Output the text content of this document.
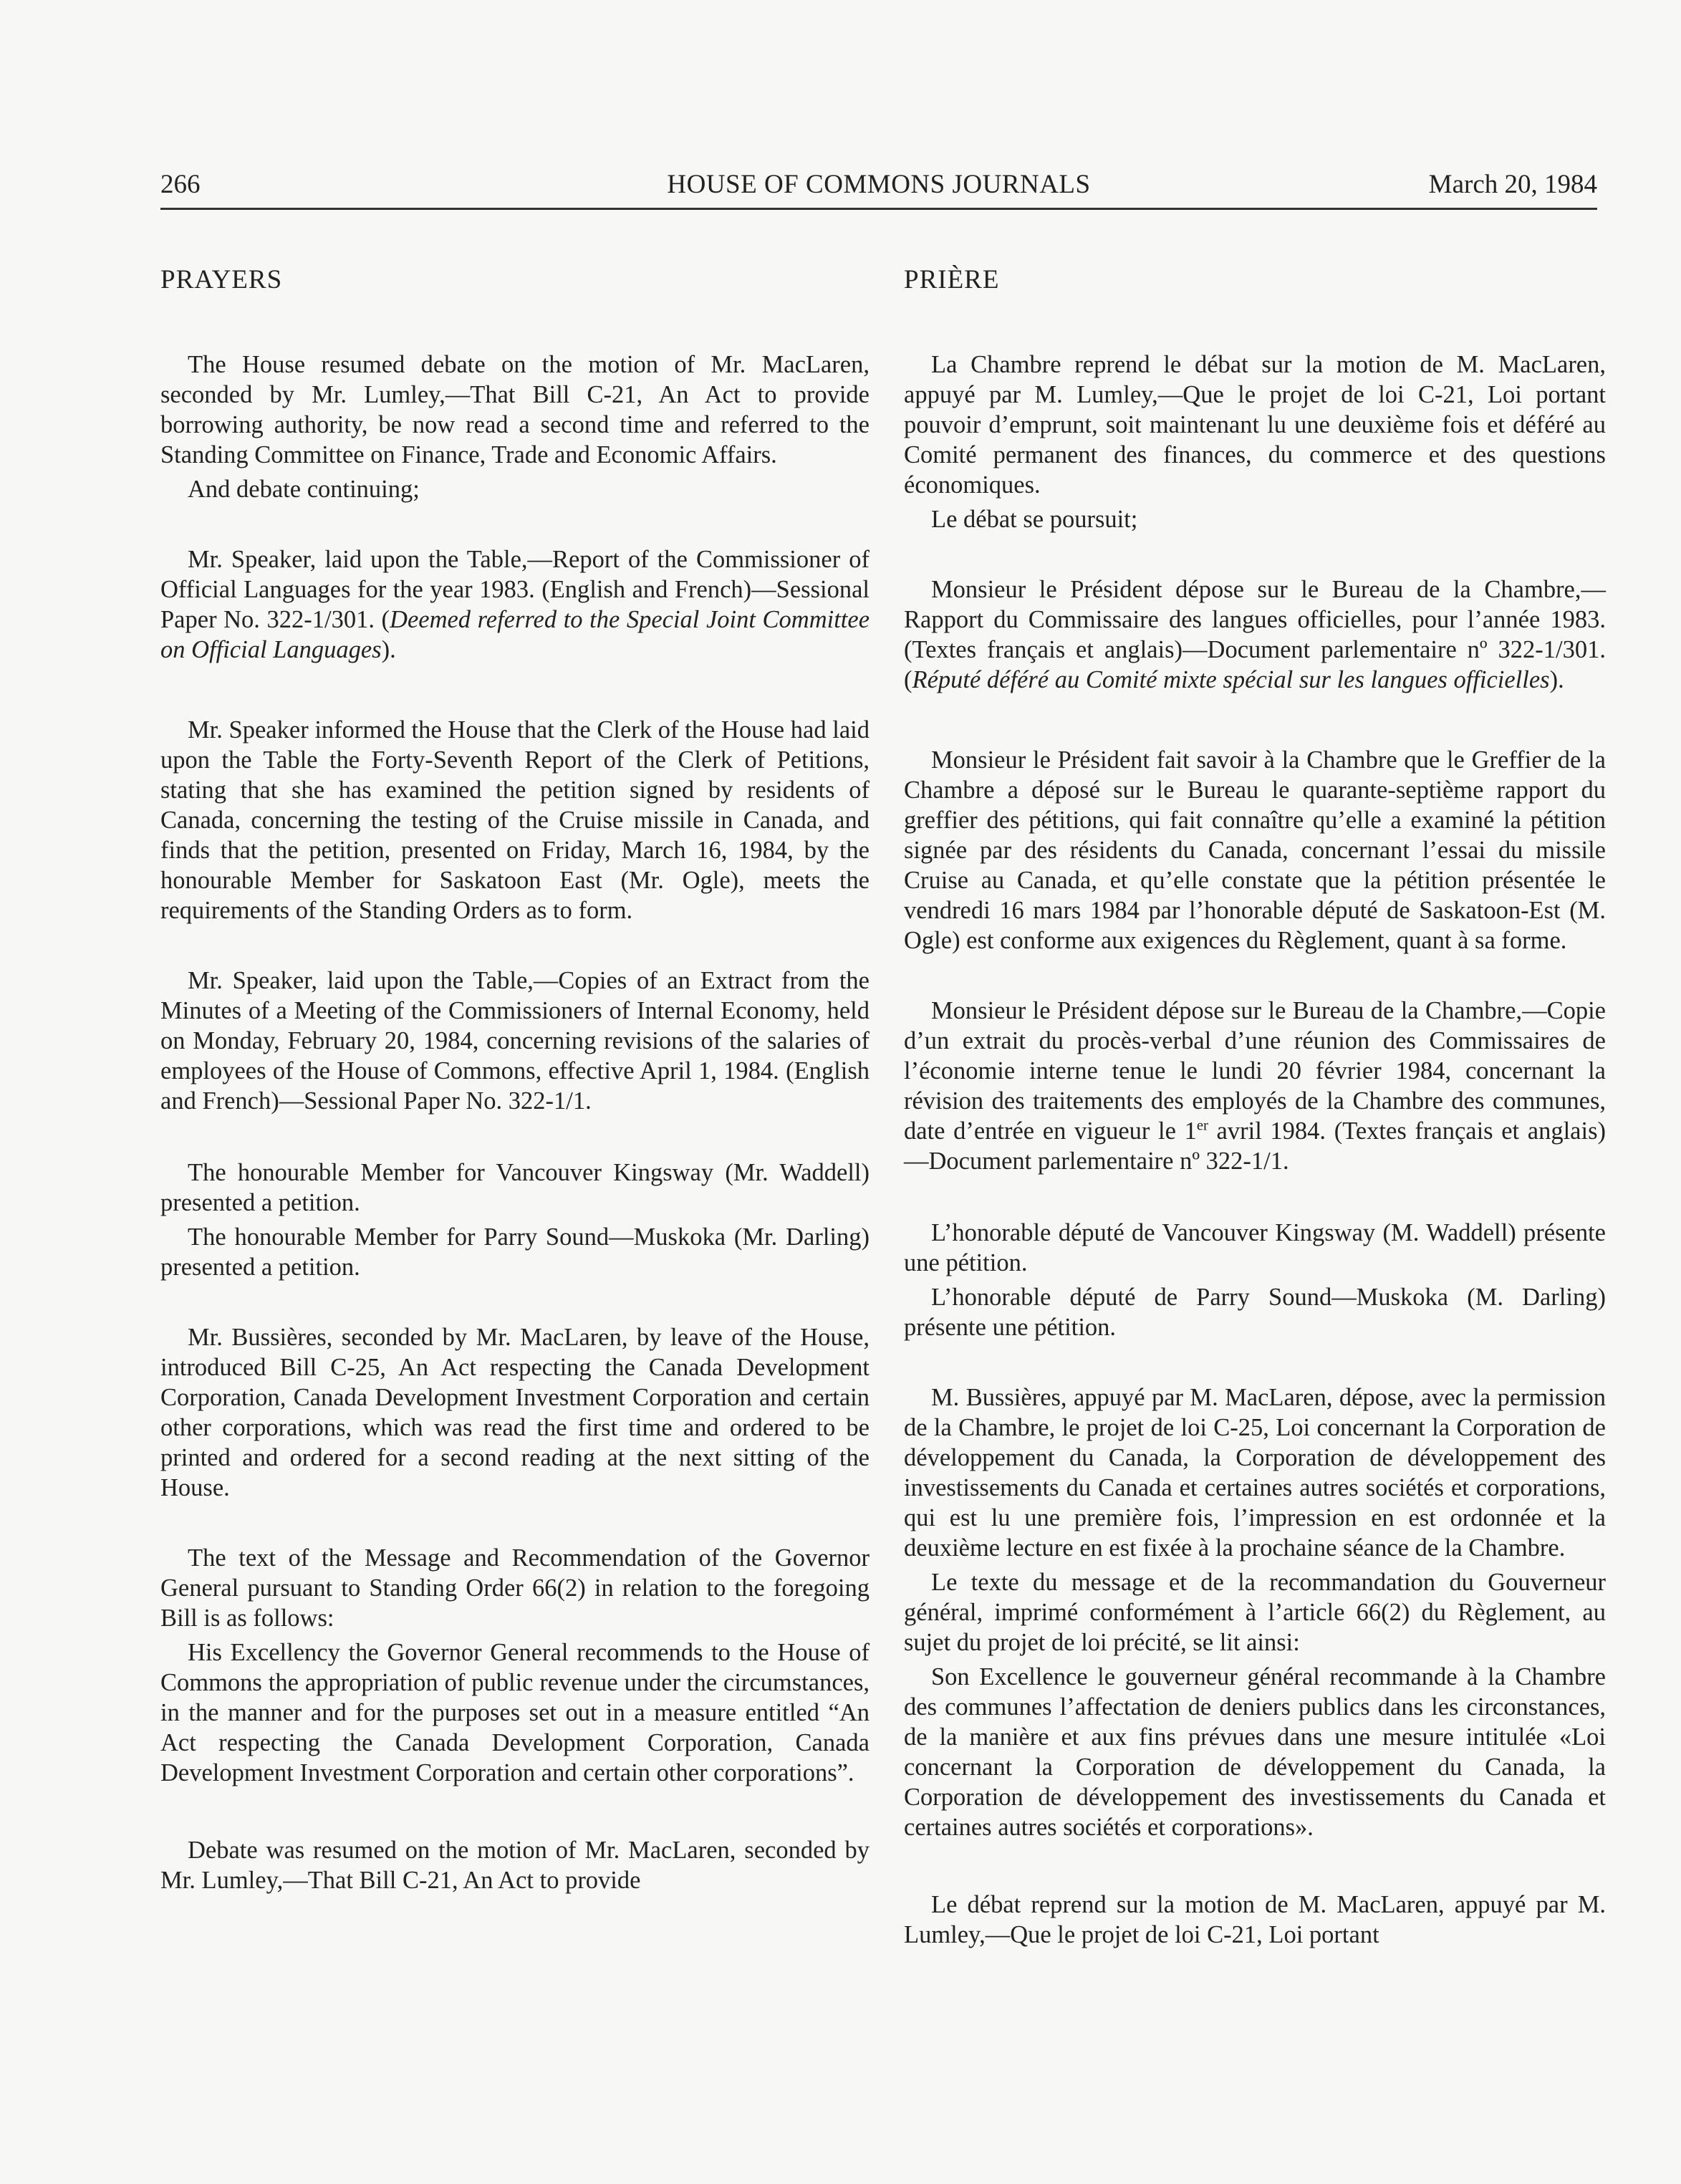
266	HOUSE OF COMMONS JOURNALS	March 20, 1984

PRAYERS

The House resumed debate on the motion of Mr. MacLaren, seconded by Mr. Lumley,—That Bill C-21, An Act to provide borrowing authority, be now read a second time and referred to the Standing Committee on Finance, Trade and Economic Affairs.

And debate continuing;

Mr. Speaker, laid upon the Table,—Report of the Commissioner of Official Languages for the year 1983. (English and French)—Sessional Paper No. 322-1/301. (Deemed referred to the Special Joint Committee on Official Languages).

Mr. Speaker informed the House that the Clerk of the House had laid upon the Table the Forty-Seventh Report of the Clerk of Petitions, stating that she has examined the petition signed by residents of Canada, concerning the testing of the Cruise missile in Canada, and finds that the petition, presented on Friday, March 16, 1984, by the honourable Member for Saskatoon East (Mr. Ogle), meets the requirements of the Standing Orders as to form.

Mr. Speaker, laid upon the Table,—Copies of an Extract from the Minutes of a Meeting of the Commissioners of Internal Economy, held on Monday, February 20, 1984, concerning revisions of the salaries of employees of the House of Commons, effective April 1, 1984. (English and French)—Sessional Paper No. 322-1/1.

The honourable Member for Vancouver Kingsway (Mr. Waddell) presented a petition.

The honourable Member for Parry Sound—Muskoka (Mr. Darling) presented a petition.

Mr. Bussières, seconded by Mr. MacLaren, by leave of the House, introduced Bill C-25, An Act respecting the Canada Development Corporation, Canada Development Investment Corporation and certain other corporations, which was read the first time and ordered to be printed and ordered for a second reading at the next sitting of the House.

The text of the Message and Recommendation of the Governor General pursuant to Standing Order 66(2) in relation to the foregoing Bill is as follows:

His Excellency the Governor General recommends to the House of Commons the appropriation of public revenue under the circumstances, in the manner and for the purposes set out in a measure entitled “An Act respecting the Canada Development Corporation, Canada Development Investment Corporation and certain other corporations”.

Debate was resumed on the motion of Mr. MacLaren, seconded by Mr. Lumley,—That Bill C-21, An Act to provide

PRIÈRE

La Chambre reprend le débat sur la motion de M. MacLaren, appuyé par M. Lumley,—Que le projet de loi C-21, Loi portant pouvoir d’emprunt, soit maintenant lu une deuxième fois et déféré au Comité permanent des finances, du commerce et des questions économiques.

Le débat se poursuit;

Monsieur le Président dépose sur le Bureau de la Chambre,—Rapport du Commissaire des langues officielles, pour l’année 1983. (Textes français et anglais)—Document parlementaire nº 322-1/301. (Réputé déféré au Comité mixte spécial sur les langues officielles).

Monsieur le Président fait savoir à la Chambre que le Greffier de la Chambre a déposé sur le Bureau le quarante-septième rapport du greffier des pétitions, qui fait connaître qu’elle a examiné la pétition signée par des résidents du Canada, concernant l’essai du missile Cruise au Canada, et qu’elle constate que la pétition présentée le vendredi 16 mars 1984 par l’honorable député de Saskatoon-Est (M. Ogle) est conforme aux exigences du Règlement, quant à sa forme.

Monsieur le Président dépose sur le Bureau de la Chambre,—Copie d’un extrait du procès-verbal d’une réunion des Commissaires de l’économie interne tenue le lundi 20 février 1984, concernant la révision des traitements des employés de la Chambre des communes, date d’entrée en vigueur le 1er avril 1984. (Textes français et anglais)—Document parlementaire nº 322-1/1.

L’honorable député de Vancouver Kingsway (M. Waddell) présente une pétition.

L’honorable député de Parry Sound—Muskoka (M. Darling) présente une pétition.

M. Bussières, appuyé par M. MacLaren, dépose, avec la permission de la Chambre, le projet de loi C-25, Loi concernant la Corporation de développement du Canada, la Corporation de développement des investissements du Canada et certaines autres sociétés et corporations, qui est lu une première fois, l’impression en est ordonnée et la deuxième lecture en est fixée à la prochaine séance de la Chambre.

Le texte du message et de la recommandation du Gouverneur général, imprimé conformément à l’article 66(2) du Règlement, au sujet du projet de loi précité, se lit ainsi:

Son Excellence le gouverneur général recommande à la Chambre des communes l’affectation de deniers publics dans les circonstances, de la manière et aux fins prévues dans une mesure intitulée «Loi concernant la Corporation de développement du Canada, la Corporation de développement des investissements du Canada et certaines autres sociétés et corporations».

Le débat reprend sur la motion de M. MacLaren, appuyé par M. Lumley,—Que le projet de loi C-21, Loi portant
